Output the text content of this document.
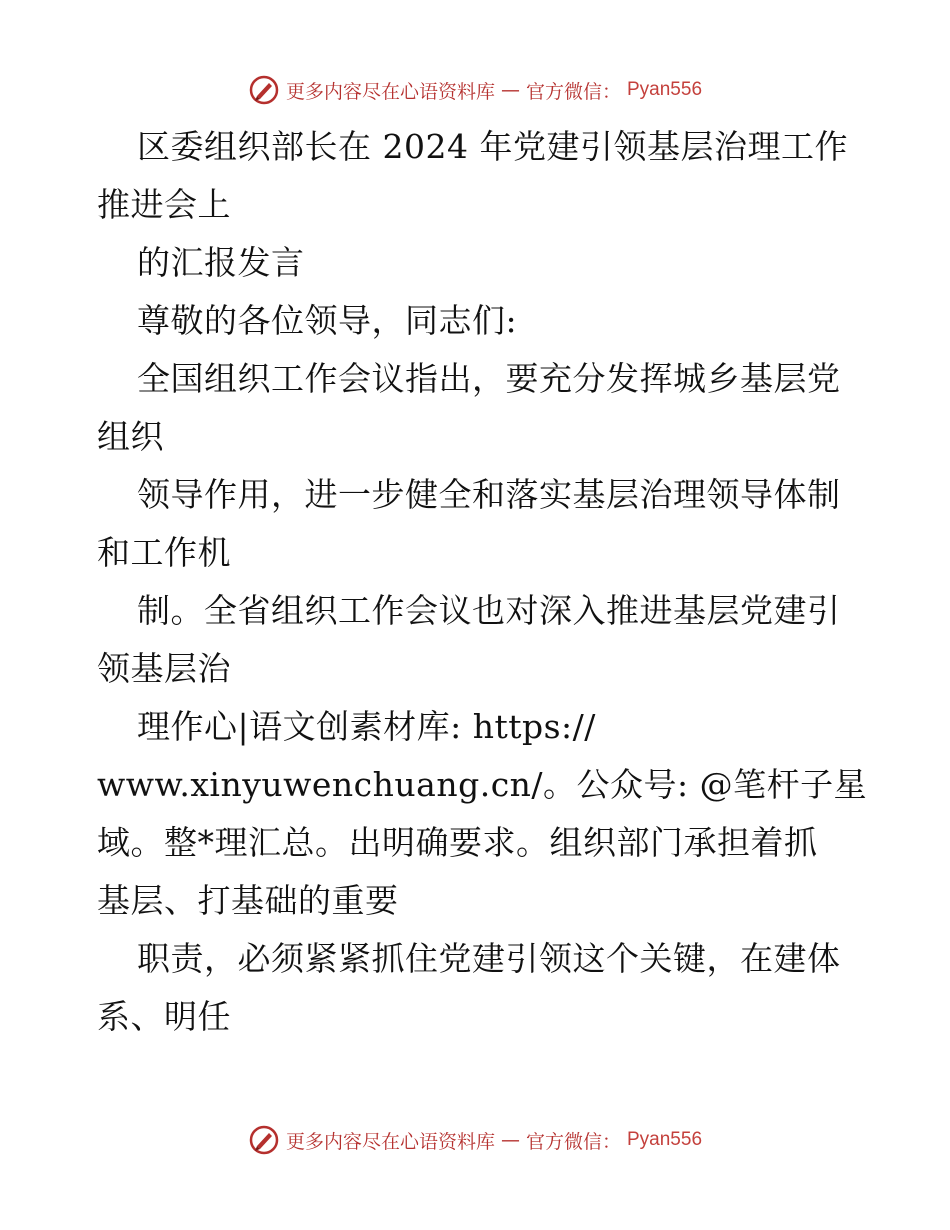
更多内容尽在心语资料库 — 官方微信： Pyan556
区委组织部长在 2024 年党建引领基层治理工作
推进会上
的汇报发言
尊敬的各位领导，同志们:
全国组织工作会议指出，要充分发挥城乡基层党
组织
领导作用，进一步健全和落实基层治理领导体制
和工作机
制。全省组织工作会议也对深入推进基层党建引
领基层治
理作心|语文创素材库: https://
www.xinyuwenchuang.cn/。公众号: @笔杆子星
域。整*理汇总。出明确要求。组织部门承担着抓
基层、打基础的重要
职责，必须紧紧抓住党建引领这个关键，在建体
系、明任
更多内容尽在心语资料库 — 官方微信： Pyan556
